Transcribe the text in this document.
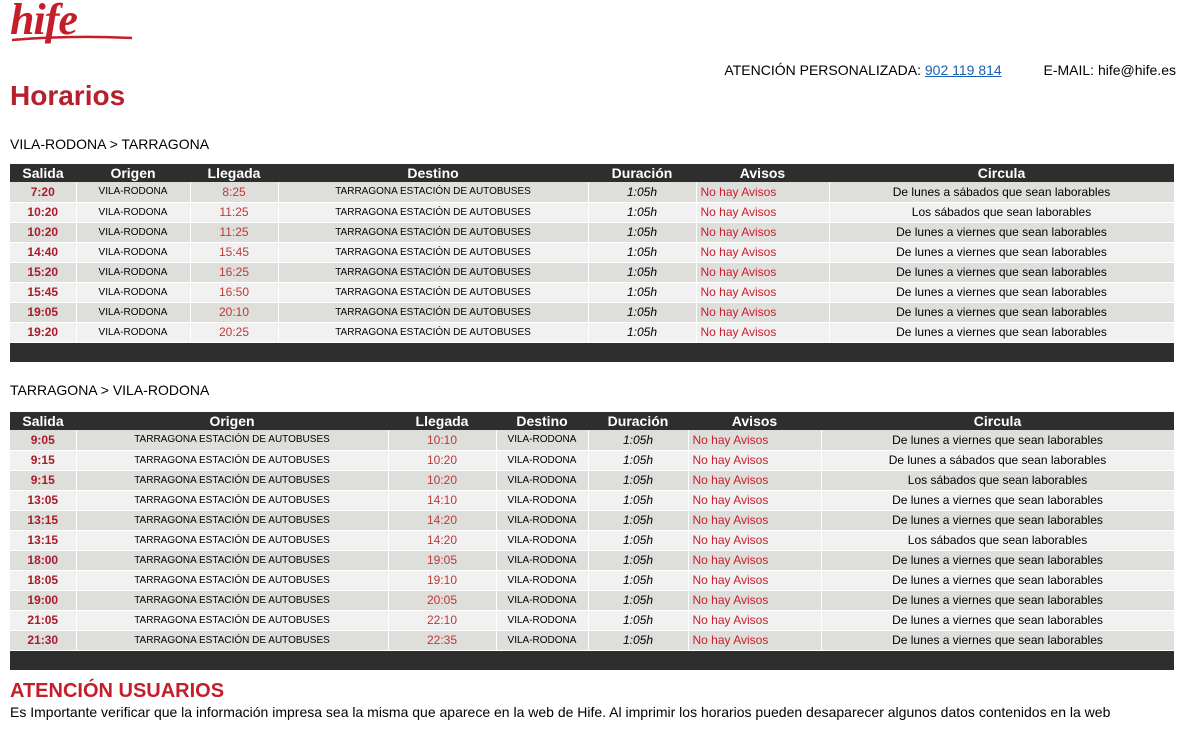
hife
ATENCIÓN PERSONALIZADA: 902 119 814	E-MAIL: hife@hife.es
Horarios
VILA-RODONA > TARRAGONA
Salida	Origen	Llegada	Destino	Duración	Avisos	Circula
7:20	VILA-RODONA	8:25	TARRAGONA ESTACIÓN DE AUTOBUSES	1:05h	No hay Avisos	De lunes a sábados que sean laborables
10:20	VILA-RODONA	11:25	TARRAGONA ESTACIÓN DE AUTOBUSES	1:05h	No hay Avisos	Los sábados que sean laborables
10:20	VILA-RODONA	11:25	TARRAGONA ESTACIÓN DE AUTOBUSES	1:05h	No hay Avisos	De lunes a viernes que sean laborables
14:40	VILA-RODONA	15:45	TARRAGONA ESTACIÓN DE AUTOBUSES	1:05h	No hay Avisos	De lunes a viernes que sean laborables
15:20	VILA-RODONA	16:25	TARRAGONA ESTACIÓN DE AUTOBUSES	1:05h	No hay Avisos	De lunes a viernes que sean laborables
15:45	VILA-RODONA	16:50	TARRAGONA ESTACIÓN DE AUTOBUSES	1:05h	No hay Avisos	De lunes a viernes que sean laborables
19:05	VILA-RODONA	20:10	TARRAGONA ESTACIÓN DE AUTOBUSES	1:05h	No hay Avisos	De lunes a viernes que sean laborables
19:20	VILA-RODONA	20:25	TARRAGONA ESTACIÓN DE AUTOBUSES	1:05h	No hay Avisos	De lunes a viernes que sean laborables

TARRAGONA > VILA-RODONA
Salida	Origen	Llegada	Destino	Duración	Avisos	Circula
9:05	TARRAGONA ESTACIÓN DE AUTOBUSES	10:10	VILA-RODONA	1:05h	No hay Avisos	De lunes a viernes que sean laborables
9:15	TARRAGONA ESTACIÓN DE AUTOBUSES	10:20	VILA-RODONA	1:05h	No hay Avisos	De lunes a sábados que sean laborables
9:15	TARRAGONA ESTACIÓN DE AUTOBUSES	10:20	VILA-RODONA	1:05h	No hay Avisos	Los sábados que sean laborables
13:05	TARRAGONA ESTACIÓN DE AUTOBUSES	14:10	VILA-RODONA	1:05h	No hay Avisos	De lunes a viernes que sean laborables
13:15	TARRAGONA ESTACIÓN DE AUTOBUSES	14:20	VILA-RODONA	1:05h	No hay Avisos	De lunes a viernes que sean laborables
13:15	TARRAGONA ESTACIÓN DE AUTOBUSES	14:20	VILA-RODONA	1:05h	No hay Avisos	Los sábados que sean laborables
18:00	TARRAGONA ESTACIÓN DE AUTOBUSES	19:05	VILA-RODONA	1:05h	No hay Avisos	De lunes a viernes que sean laborables
18:05	TARRAGONA ESTACIÓN DE AUTOBUSES	19:10	VILA-RODONA	1:05h	No hay Avisos	De lunes a viernes que sean laborables
19:00	TARRAGONA ESTACIÓN DE AUTOBUSES	20:05	VILA-RODONA	1:05h	No hay Avisos	De lunes a viernes que sean laborables
21:05	TARRAGONA ESTACIÓN DE AUTOBUSES	22:10	VILA-RODONA	1:05h	No hay Avisos	De lunes a viernes que sean laborables
21:30	TARRAGONA ESTACIÓN DE AUTOBUSES	22:35	VILA-RODONA	1:05h	No hay Avisos	De lunes a viernes que sean laborables

ATENCIÓN USUARIOS

Es Importante verificar que la información impresa sea la misma que aparece en la web de Hife. Al imprimir los horarios pueden desaparecer algunos datos contenidos en la web
